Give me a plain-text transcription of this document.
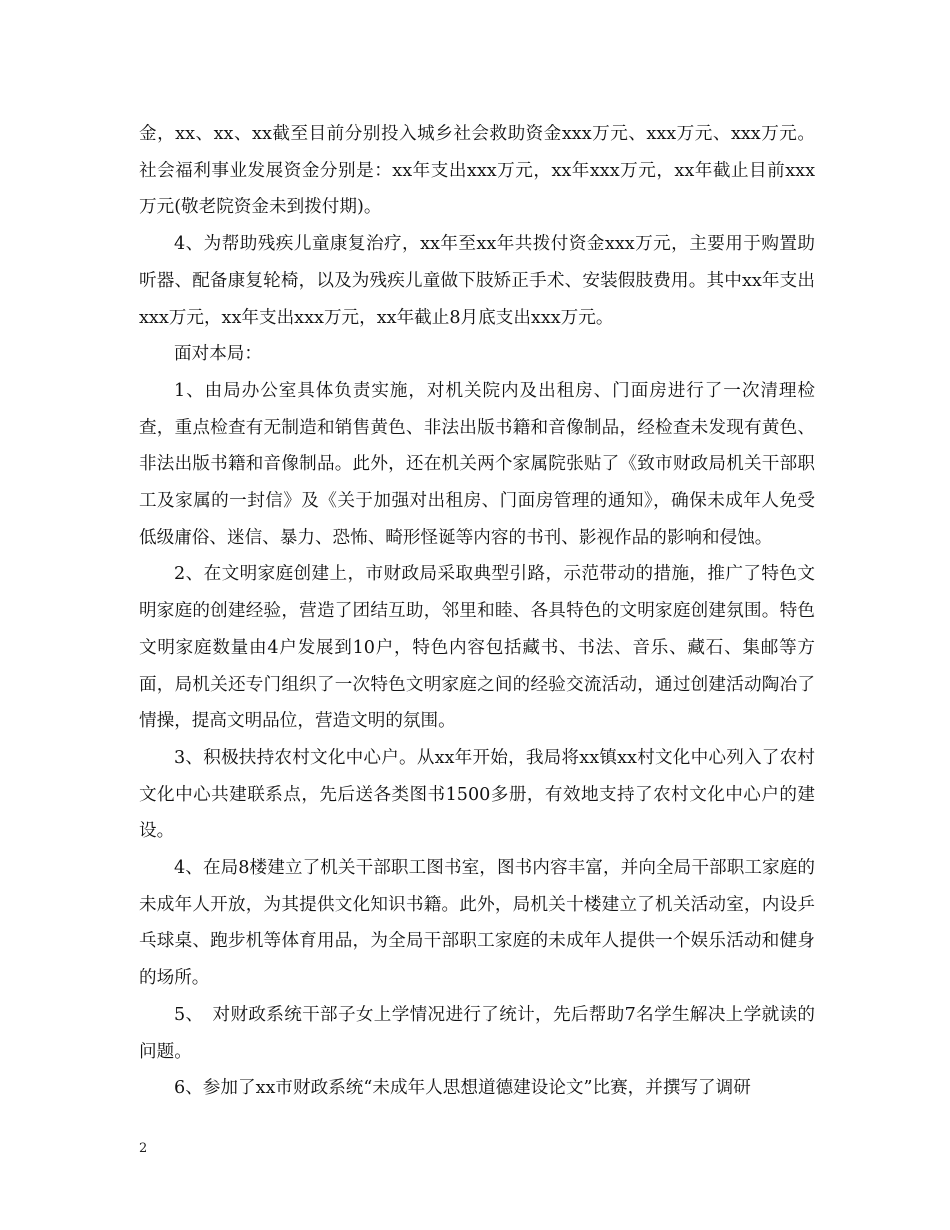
金，xx、xx、xx截至目前分别投入城乡社会救助资金xxx万元、xxx万元、xxx万元。社会福利事业发展资金分别是：xx年支出xxx万元，xx年xxx万元，xx年截止目前xxx万元(敬老院资金未到拨付期)。

4、为帮助残疾儿童康复治疗，xx年至xx年共拨付资金xxx万元，主要用于购置助听器、配备康复轮椅，以及为残疾儿童做下肢矫正手术、安装假肢费用。其中xx年支出xxx万元，xx年支出xxx万元，xx年截止8月底支出xxx万元。

面对本局：

1、由局办公室具体负责实施，对机关院内及出租房、门面房进行了一次清理检查，重点检查有无制造和销售黄色、非法出版书籍和音像制品，经检查未发现有黄色、非法出版书籍和音像制品。此外，还在机关两个家属院张贴了《致市财政局机关干部职工及家属的一封信》及《关于加强对出租房、门面房管理的通知》，确保未成年人免受低级庸俗、迷信、暴力、恐怖、畸形怪诞等内容的书刊、影视作品的影响和侵蚀。

2、在文明家庭创建上，市财政局采取典型引路，示范带动的措施，推广了特色文明家庭的创建经验，营造了团结互助，邻里和睦、各具特色的文明家庭创建氛围。特色文明家庭数量由4户发展到10户，特色内容包括藏书、书法、音乐、藏石、集邮等方面，局机关还专门组织了一次特色文明家庭之间的经验交流活动，通过创建活动陶冶了情操，提高文明品位，营造文明的氛围。

3、积极扶持农村文化中心户。从xx年开始，我局将xx镇xx村文化中心列入了农村文化中心共建联系点，先后送各类图书1500多册，有效地支持了农村文化中心户的建设。

4、在局8楼建立了机关干部职工图书室，图书内容丰富，并向全局干部职工家庭的未成年人开放，为其提供文化知识书籍。此外，局机关十楼建立了机关活动室，内设乒乓球桌、跑步机等体育用品，为全局干部职工家庭的未成年人提供一个娱乐活动和健身的场所。

5、　对财政系统干部子女上学情况进行了统计，先后帮助7名学生解决上学就读的问题。

6、参加了xx市财政系统“未成年人思想道德建设论文”比赛，并撰写了调研

2
